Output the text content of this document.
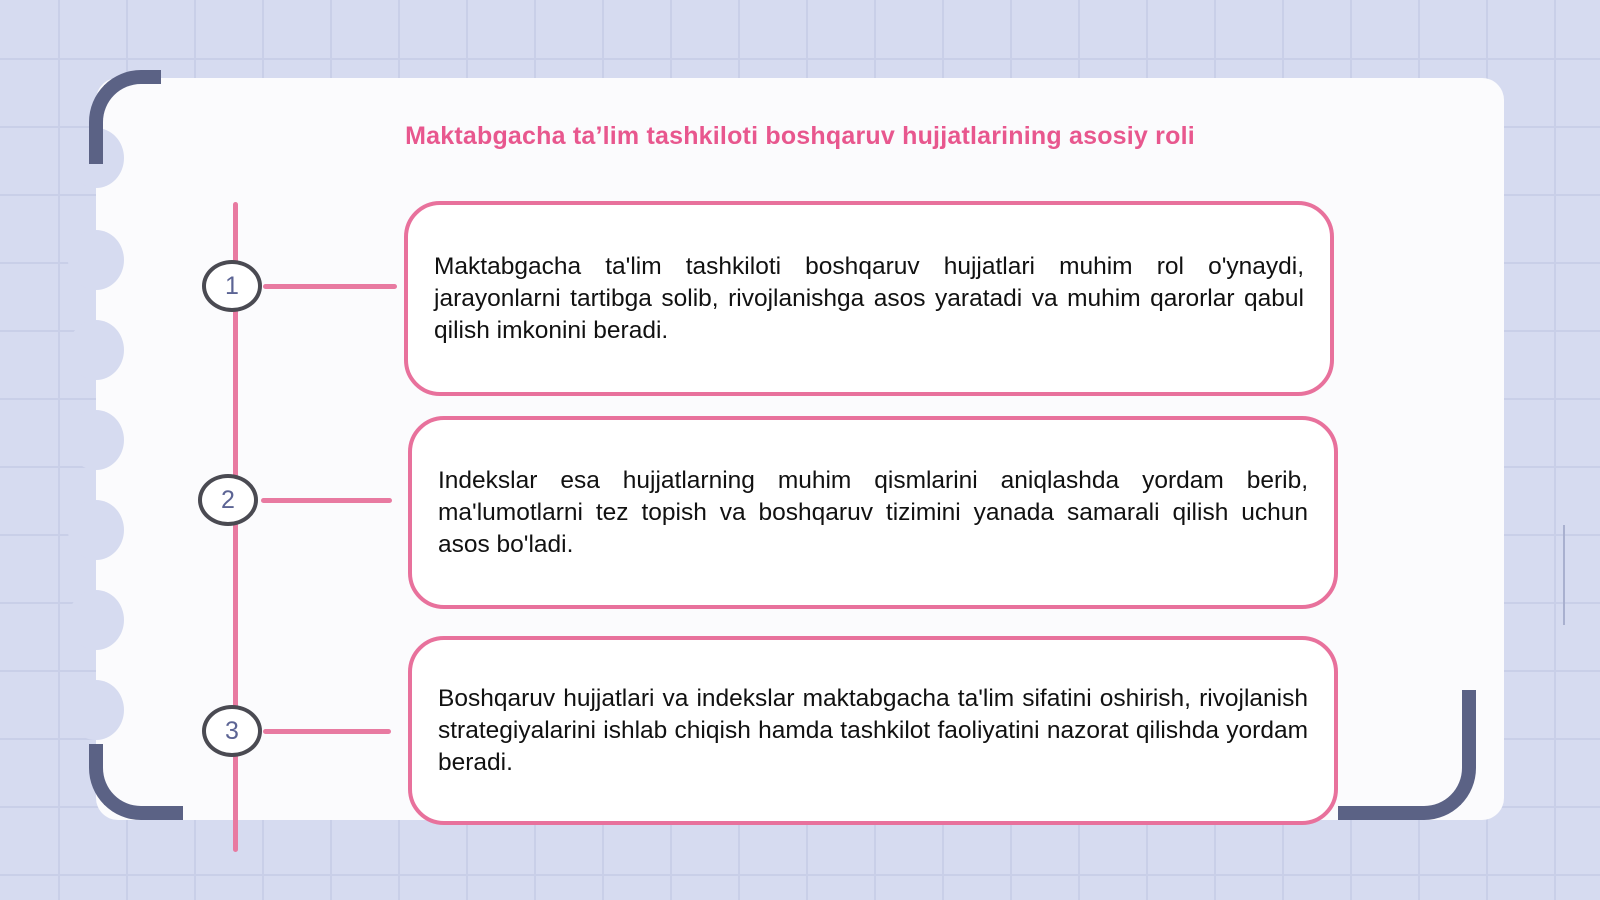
Maktabgacha ta’lim tashkiloti boshqaruv hujjatlarining asosiy roli
1
2
3

Maktabgacha ta'lim tashkiloti boshqaruv hujjatlari muhim rol o'ynaydi, jarayonlarni tartibga solib, rivojlanishga asos yaratadi va muhim qarorlar qabul qilish imkonini beradi.

Indekslar esa hujjatlarning muhim qismlarini aniqlashda yordam berib, ma'lumotlarni tez topish va boshqaruv tizimini yanada samarali qilish uchun asos bo'ladi.

Boshqaruv hujjatlari va indekslar maktabgacha ta'lim sifatini oshirish, rivojlanish strategiyalarini ishlab chiqish hamda tashkilot faoliyatini nazorat qilishda yordam beradi.
